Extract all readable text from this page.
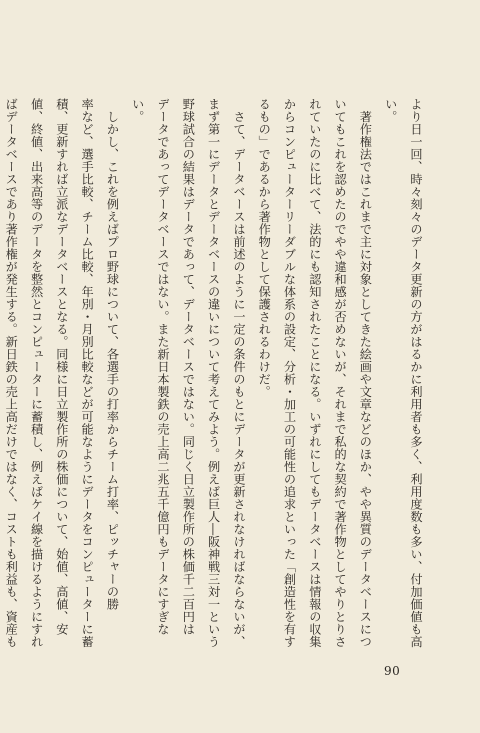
より日一回、時々刻々のデータ更新の方がはるかに利用者も多く、利用度数も多い、付加価値も高
い。
　著作権法ではこれまで主に対象としてきた絵画や文章などのほか、やや異質のデータベースにつ
いてもこれを認めたのでやや違和感が否めないが、それまで私的な契約で著作物としてやりとりさ
れていたのに比べて、法的にも認知されたことになる。いずれにしてもデータベースは情報の収集
からコンピューターリーダブルな体系の設定、分析・加工の可能性の追求といった「創造性を有す
るもの」であるから著作物として保護されるわけだ。
　さて、データベースは前述のように一定の条件のもとにデータが更新されなければならないが、
まず第一にデータとデータベースの違いについて考えてみよう。例えば巨人―阪神戦三対一という
野球試合の結果はデータであって、データベースではない。同じく日立製作所の株価千二百円は
データであってデータベースではない。また新日本製鉄の売上高二兆五千億円もデータにすぎな
い。
　しかし、これを例えばプロ野球について、各選手の打率からチーム打率、ピッチャーの勝
率など、選手比較、チーム比較、年別・月別比較などが可能なようにデータをコンピューターに蓄
積、更新すれば立派なデータベースとなる。同様に日立製作所の株価について、始値、高値、安
値、終値、出来高等のデータを整然とコンピューターに蓄積し、例えばケイ線を描けるようにすれ
ばデータベースであり著作権が発生する。新日鉄の売上高だけではなく、コストも利益も、資産も
90
